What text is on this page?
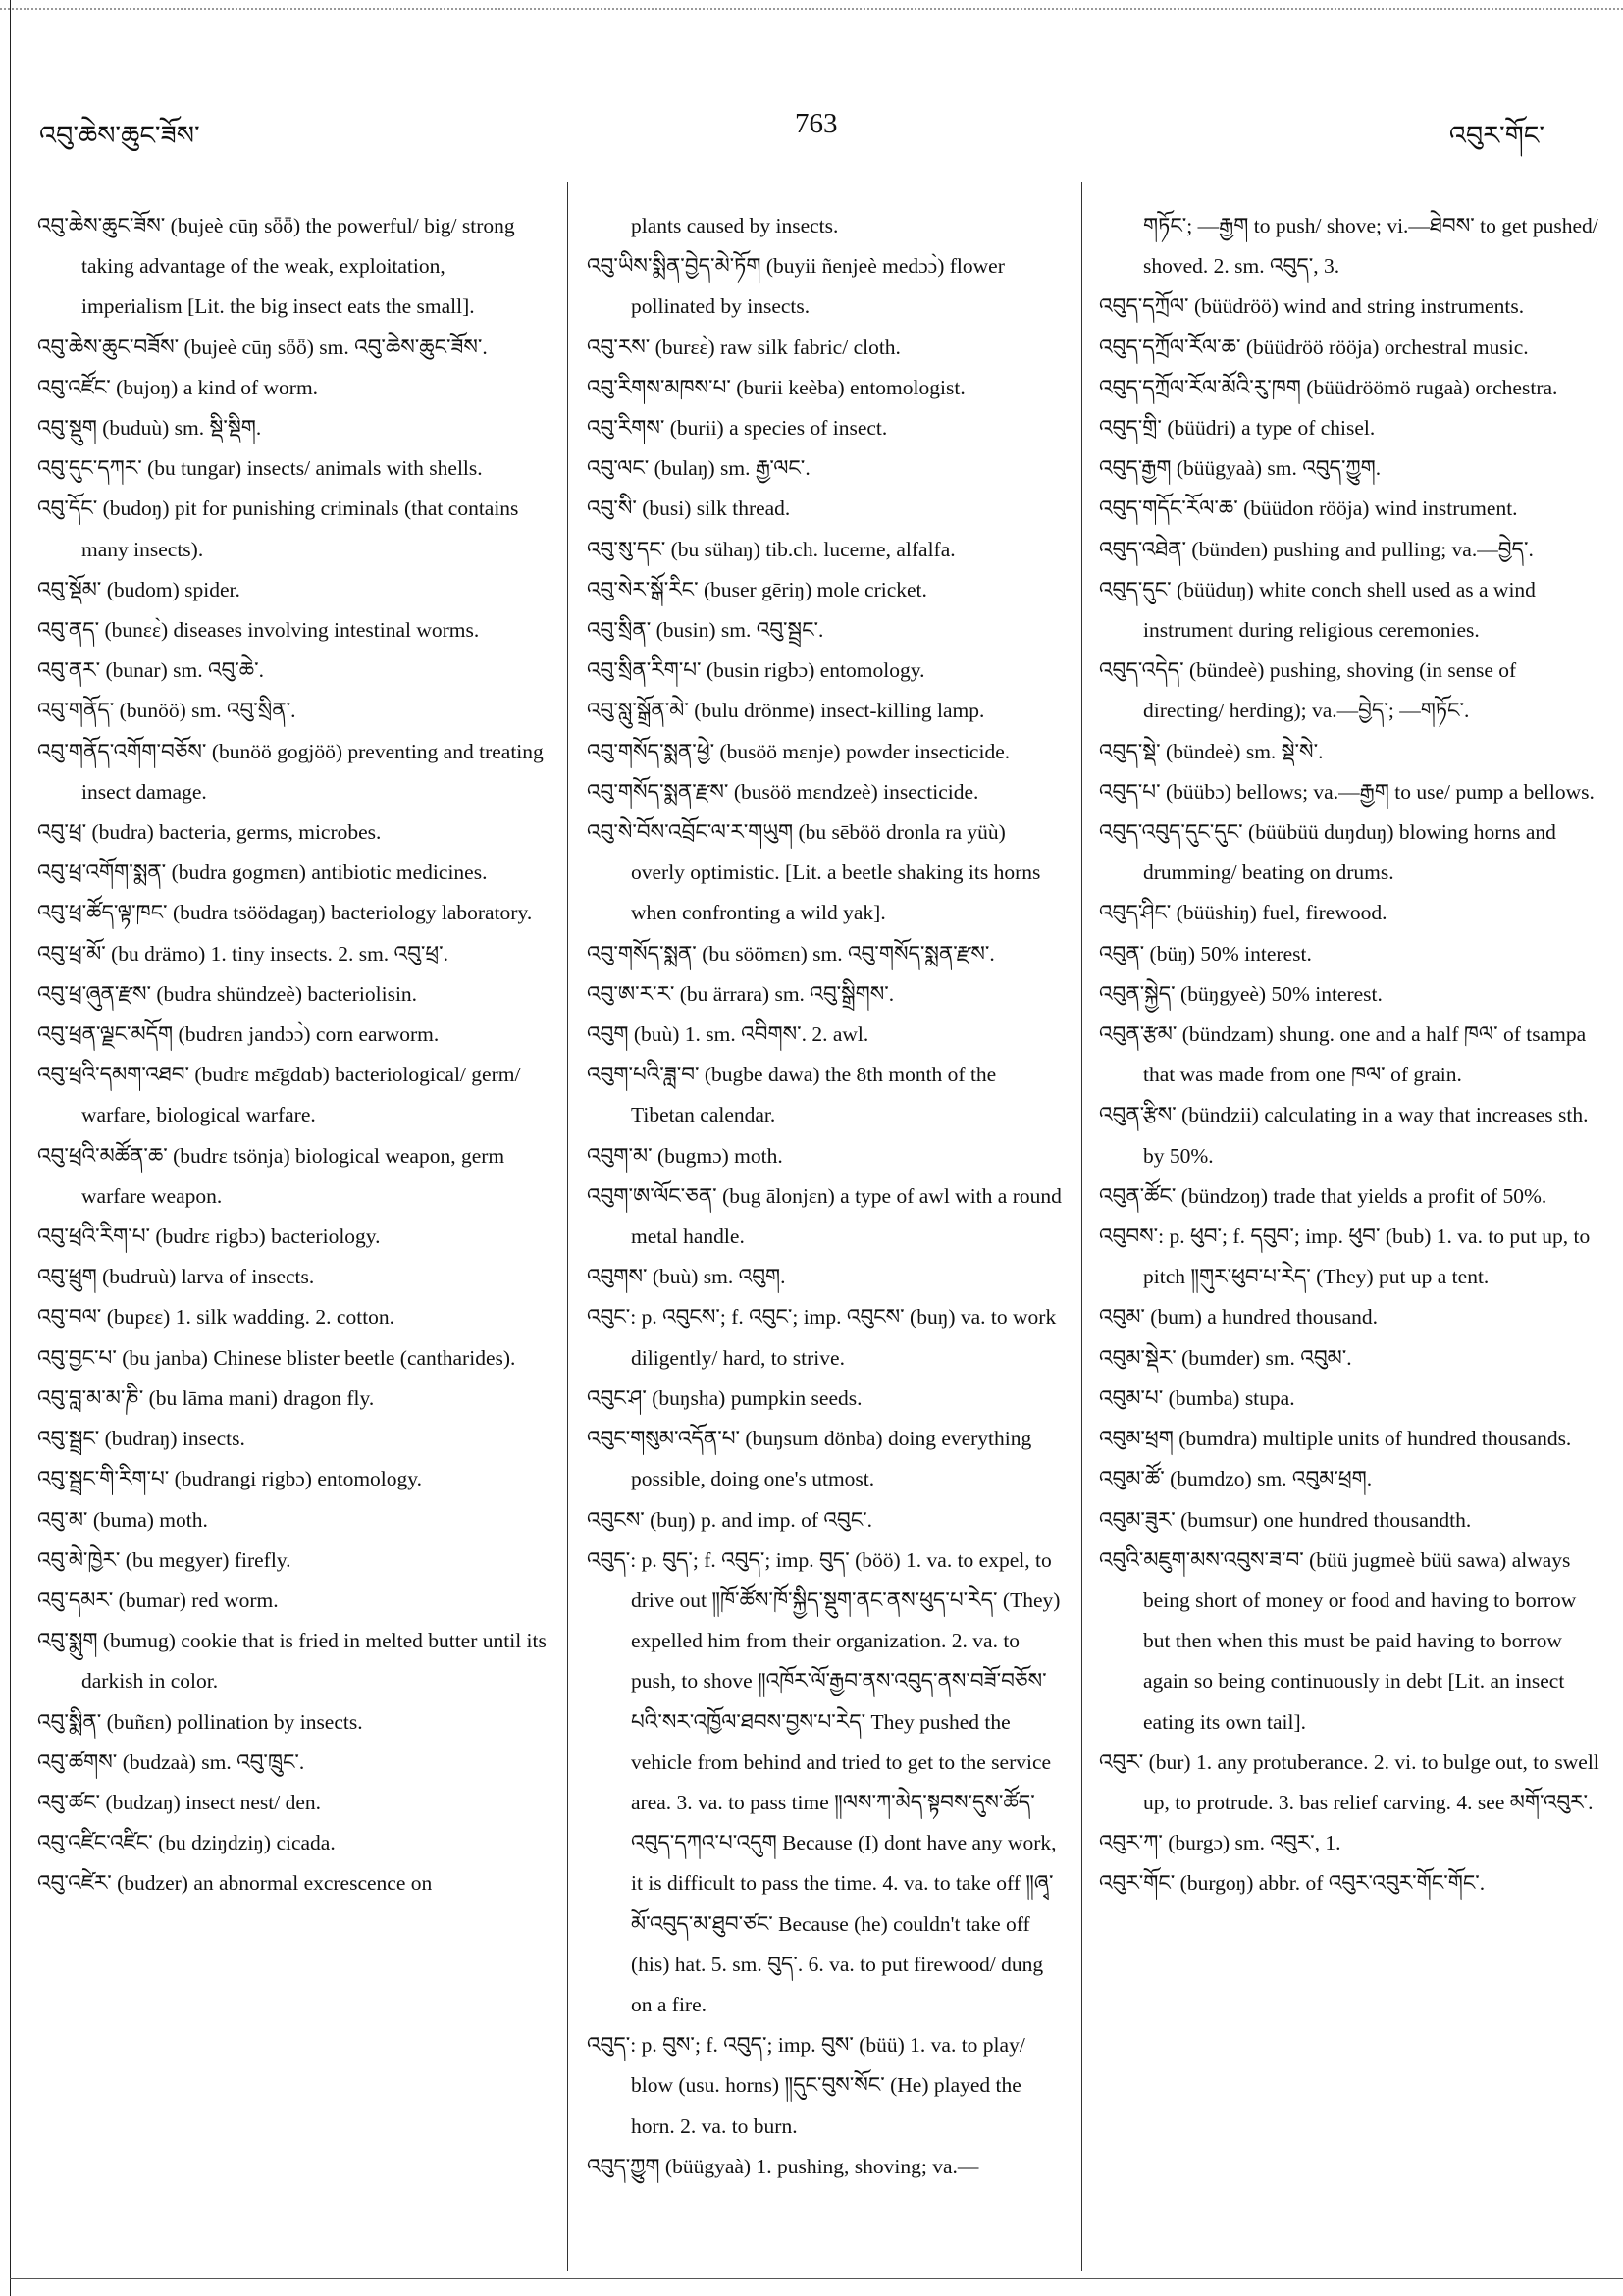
འབུ་ཆེས་ཆུང་ཟོས་	763	འབུར་གོང་

འབུ་ཆེས་ཆུང་ཟོས་ (bujeè cūŋ sȫȫ) the powerful/ big/ strong taking advantage of the weak, exploitation, imperialism [Lit. the big insect eats the small].

འབུ་ཆེས་ཆུང་བཟོས་ (bujeè cūŋ sȫȫ) sm. འབུ་ཆེས་ཆུང་ཟོས་.

འབུ་འཛོང་ (bujoŋ) a kind of worm.

འབུ་སྡུག (buduù) sm. སྡི་སྡིག.

འབུ་དུང་དཀར་ (bu tungar) insects/ animals with shells.

འབུ་དོང་ (budoŋ) pit for punishing criminals (that contains many insects).

འབུ་སྡོམ་ (budom) spider.

འབུ་ནད་ (bunɛɛ̀) diseases involving intestinal worms.

འབུ་ནར་ (bunar) sm. འབུ་ཆེ་.

འབུ་གནོད་ (bunöö) sm. འབུ་སྲིན་.

འབུ་གནོད་འགོག་བཅོས་ (bunöö gogjöö) preventing and treating insect damage.

འབུ་ཕྲ་ (budra) bacteria, germs, microbes.

འབུ་ཕྲ་འགོག་སྨན་ (budra gogmɛn) antibiotic medicines.

འབུ་ཕྲ་ཚོད་ལྟ་ཁང་ (budra tsöödagaŋ) bacteriology laboratory.

འབུ་ཕྲ་མོ་ (bu drämo) 1. tiny insects. 2. sm. འབུ་ཕྲ་.

འབུ་ཕྲ་ཞུན་རྫས་ (budra shündzeè) bacteriolisin.

འབུ་ཕྲན་ལྗང་མདོག (budrɛn jandɔɔ̀) corn earworm.

འབུ་ཕྲའི་དམག་འཐབ་ (budrɛ mɛ̄gdɑb) bacteriological/ germ/ warfare, biological warfare.

འབུ་ཕྲའི་མཚོན་ཆ་ (budrɛ tsönja) biological weapon, germ warfare weapon.

འབུ་ཕྲའི་རིག་པ་ (budrɛ rigbɔ) bacteriology.

འབུ་ཕྲུག (budruù) larva of insects.

འབུ་བལ་ (bupɛɛ) 1. silk wadding. 2. cotton.

འབུ་བྱང་པ་ (bu janba) Chinese blister beetle (cantharides).

འབུ་བླ་མ་མ་ཎི་ (bu lāma mani) dragon fly.

འབུ་སྦྲང་ (budraŋ) insects.

འབུ་སྦྲང་གི་རིག་པ་ (budrangi rigbɔ) entomology.

འབུ་མ་ (buma) moth.

འབུ་མེ་ཁྱེར་ (bu megyer) firefly.

འབུ་དམར་ (bumar) red worm.

འབུ་སྨུག (bumug) cookie that is fried in melted butter until its darkish in color.

འབུ་སྨིན་ (buñɛn) pollination by insects.

འབུ་ཚགས་ (budzaà) sm. འབུ་ཁྲུང་.

འབུ་ཚང་ (budzaŋ) insect nest/ den.

འབུ་འཛིང་འཛིང་ (bu dziŋdziŋ) cicada.

འབུ་འཛེར་ (budzer) an abnormal excrescence on

plants caused by insects.

འབུ་ཡིས་སྨིན་བྱེད་མེ་ཏོག (buyii ñenjeè medɔɔ̀) flower pollinated by insects.

འབུ་རས་ (burɛɛ̀) raw silk fabric/ cloth.

འབུ་རིགས་མཁས་པ་ (burii keèba) entomologist.

འབུ་རིགས་ (burii) a species of insect.

འབུ་ལང་ (bulaŋ) sm. རྒྱ་ལང་.

འབུ་སི་ (busi) silk thread.

འབུ་སུ་དང་ (bu sühaŋ) tib.ch. lucerne, alfalfa.

འབུ་སེར་སྒོ་རིང་ (buser gēriŋ) mole cricket.

འབུ་སྲིན་ (busin) sm. འབུ་སྦྲང་.

འབུ་སྲིན་རིག་པ་ (busin rigbɔ) entomology.

འབུ་སླུ་སྒྲོན་མེ་ (bulu drönme) insect-killing lamp.

འབུ་གསོད་སྨན་ཕྱེ་ (busöö mɛnje) powder insecticide.

འབུ་གསོད་སྨན་རྫས་ (busöö mɛndzeè) insecticide.

འབུ་སེ་བོས་འབྲོང་ལ་ར་གཡུག (bu sēböö dronla ra yüù) overly optimistic. [Lit. a beetle shaking its horns when confronting a wild yak].

འབུ་གསོད་སྨན་ (bu söömɛn) sm. འབུ་གསོད་སྨན་རྫས་.

འབུ་ཨ་ར་ར་ (bu ärrara) sm. འབུ་སྒྲིགས་.

འབུག (buù) 1. sm. འབིགས་. 2. awl.

འབུག་པའི་ཟླ་བ་ (bugbe dawa) the 8th month of the Tibetan calendar.

འབུག་མ་ (bugmɔ) moth.

འབུག་ཨ་ལོང་ཅན་ (bug ālonjɛn) a type of awl with a round metal handle.

འབུགས་ (buù) sm. འབུག.

འབུང་: p. འབུངས་; f. འབུང་; imp. འབུངས་ (buŋ) va. to work diligently/ hard, to strive.

འབུང་ཤ་ (buŋsha) pumpkin seeds.

འབུང་གསུམ་འདོན་པ་ (buŋsum dönba) doing everything possible, doing one's utmost.

འབུངས་ (buŋ) p. and imp. of འབུང་.

འབུད་: p. བུད་; f. འབུད་; imp. བུད་ (böö) 1. va. to expel, to drive out ༎ཁོ་ཚོས་ཁོ་སྐྱིད་སྡུག་ནང་ནས་ཕུད་པ་རེད་ (They) expelled him from their organization. 2. va. to push, to shove ༎འཁོར་ལོ་རྒྱབ་ནས་འབུད་ནས་བཟོ་བཅོས་པའི་སར་འཁྱོལ་ཐབས་བྱས་པ་རེད་ They pushed the vehicle from behind and tried to get to the service area. 3. va. to pass time ༎ལས་ཀ་མེད་སྟབས་དུས་ཚོད་འབུད་དཀའ་པ་འདུག Because (I) dont have any work, it is difficult to pass the time. 4. va. to take off ༎ཞྭ་མོ་འབུད་མ་ཐུབ་ཙང་ Because (he) couldn't take off (his) hat. 5. sm. བུད་. 6. va. to put firewood/ dung on a fire.

འབུད་: p. བུས་; f. འབུད་; imp. བུས་ (büü) 1. va. to play/ blow (usu. horns) ༎དུང་བུས་སོང་ (He) played the horn. 2. va. to burn.

འབུད་ཀྱུག (büügyaà) 1. pushing, shoving; va.—

གཏོང་; —རྒྱག to push/ shove; vi.—ཐེབས་ to get pushed/ shoved. 2. sm. འབུད་, 3.

འབུད་དཀྲོལ་ (büüdröö) wind and string instruments.

འབུད་དཀྲོལ་རོལ་ཆ་ (büüdröö rööja) orchestral music.

འབུད་དཀྲོལ་རོལ་མོའི་རུ་ཁག (büüdröömö rugaà) orchestra.

འབུད་གྲི་ (büüdri) a type of chisel.

འབུད་རྒྱག (büügyaà) sm. འབུད་ཀྱུག.

འབུད་གདོང་རོལ་ཆ་ (büüdon rööja) wind instrument.

འབུད་འཐེན་ (bünden) pushing and pulling; va.—བྱེད་.

འབུད་དུང་ (büüduŋ) white conch shell used as a wind instrument during religious ceremonies.

འབུད་འདེད་ (bündeè) pushing, shoving (in sense of directing/ herding); va.—བྱེད་; —གཏོང་.

འབུད་སྡེ་ (bündeè) sm. སྡེ་སེ་.

འབུད་པ་ (büübɔ) bellows; va.—རྒྱག to use/ pump a bellows.

འབུད་འབུད་དུང་དུང་ (büübüü duŋduŋ) blowing horns and drumming/ beating on drums.

འབུད་ཤིང་ (büüshiŋ) fuel, firewood.

འབུན་ (büŋ) 50% interest.

འབུན་སྐྱེད་ (büŋgyeè) 50% interest.

འབུན་རྩམ་ (bündzam) shung. one and a half ཁལ་ of tsampa that was made from one ཁལ་ of grain.

འབུན་རྩིས་ (bündzii) calculating in a way that increases sth. by 50%.

འབུན་ཚོང་ (bündzoŋ) trade that yields a profit of 50%.

འབུབས་: p. ཕུབ་; f. དབུབ་; imp. ཕུབ་ (bub) 1. va. to put up, to pitch ༎གུར་ཕུབ་པ་རེད་ (They) put up a tent.

འབུམ་ (bum) a hundred thousand.

འབུམ་སྡེར་ (bumder) sm. འབུམ་.

འབུམ་པ་ (bumba) stupa.

འབུམ་ཕྲག (bumdra) multiple units of hundred thousands.

འབུམ་ཚོ་ (bumdzo) sm. འབུམ་ཕྲག.

འབུམ་ཟུར་ (bumsur) one hundred thousandth.

འབུའི་མཇུག་མས་འབུས་ཟ་བ་ (büü jugmeè büü sawa) always being short of money or food and having to borrow but then when this must be paid having to borrow again so being continuously in debt [Lit. an insect eating its own tail].

འབུར་ (bur) 1. any protuberance. 2. vi. to bulge out, to swell up, to protrude. 3. bas relief carving. 4. see མགོ་འབུར་.

འབུར་ཀ་ (burgɔ) sm. འབུར་, 1.

འབུར་གོང་ (burgoŋ) abbr. of འབུར་འབུར་གོང་གོང་.
